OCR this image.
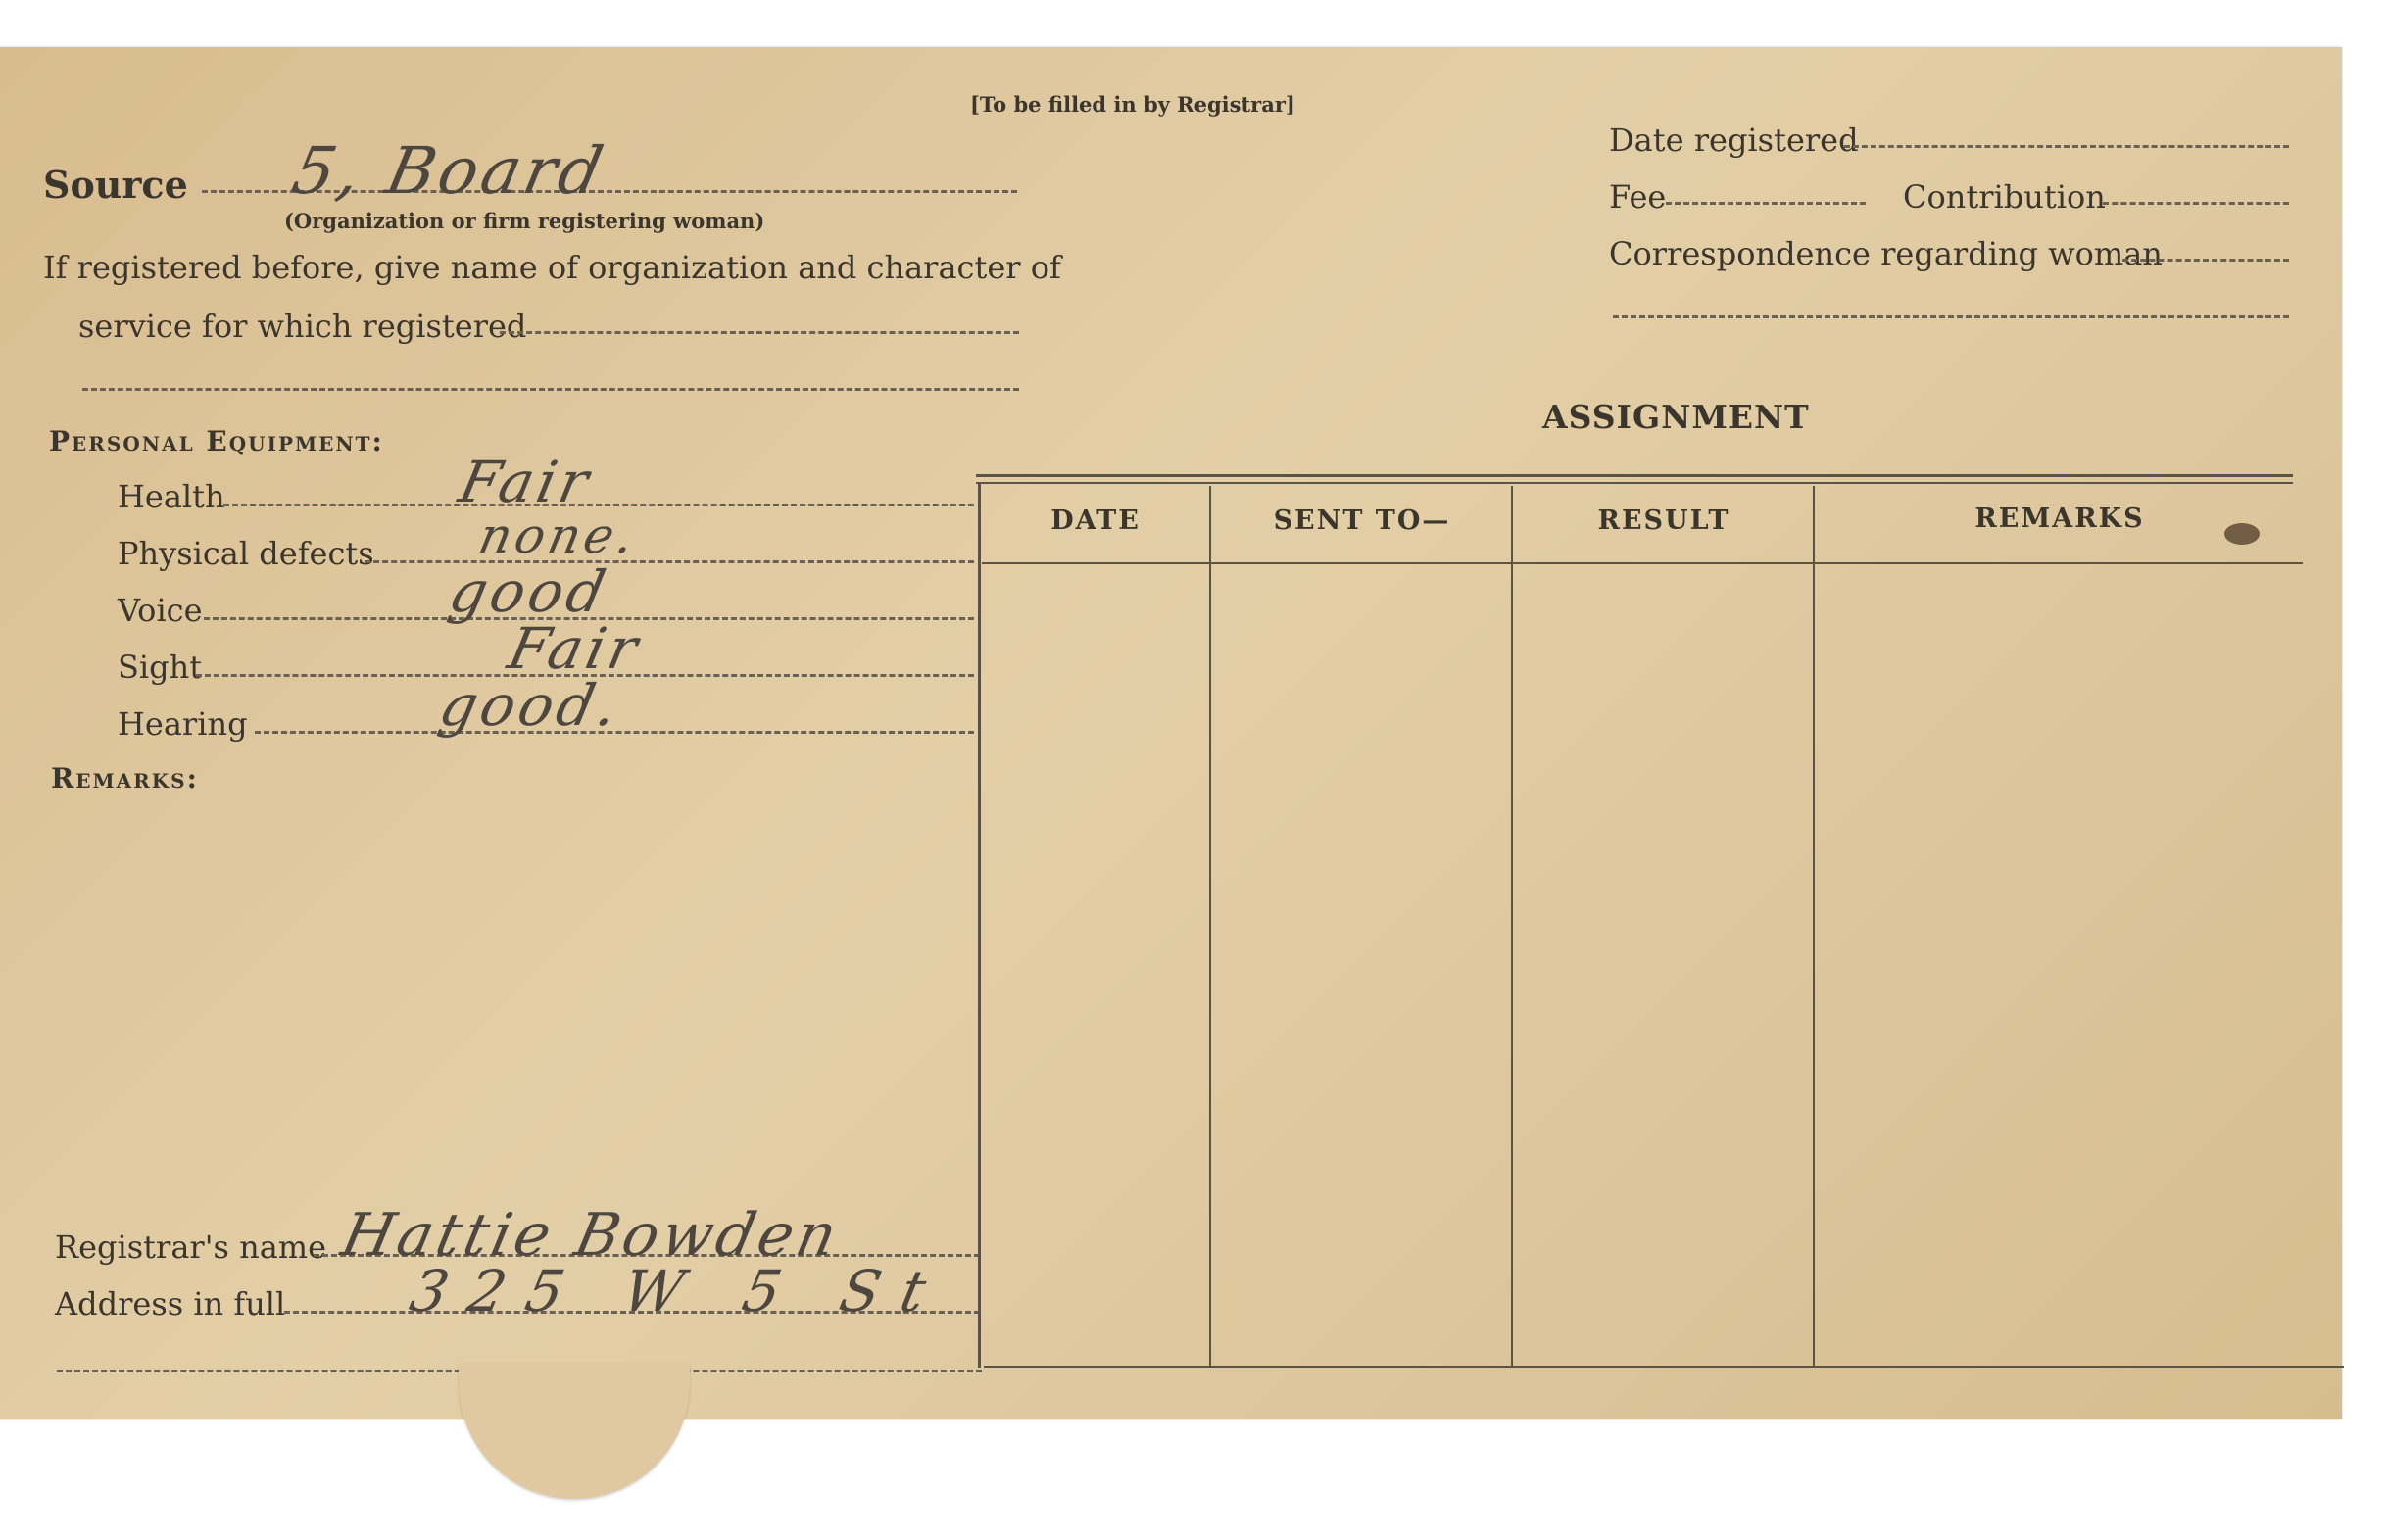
[To be filled in by Registrar]
Source 5, Board
(Organization or firm registering woman)
If registered before, give name of organization and character of
service for which registered
Date registered
Fee	Contribution
Correspondence regarding woman
Personal Equipment:
Health	Fair
Physical defects none.
Voice	good
Sight	Fair
Hearing	good.
Remarks:
Registrar's name Hattie Bowden
Address in full 325 W 5 St
ASSIGNMENT
DATE	SENT TO—	RESULT	REMARKS
